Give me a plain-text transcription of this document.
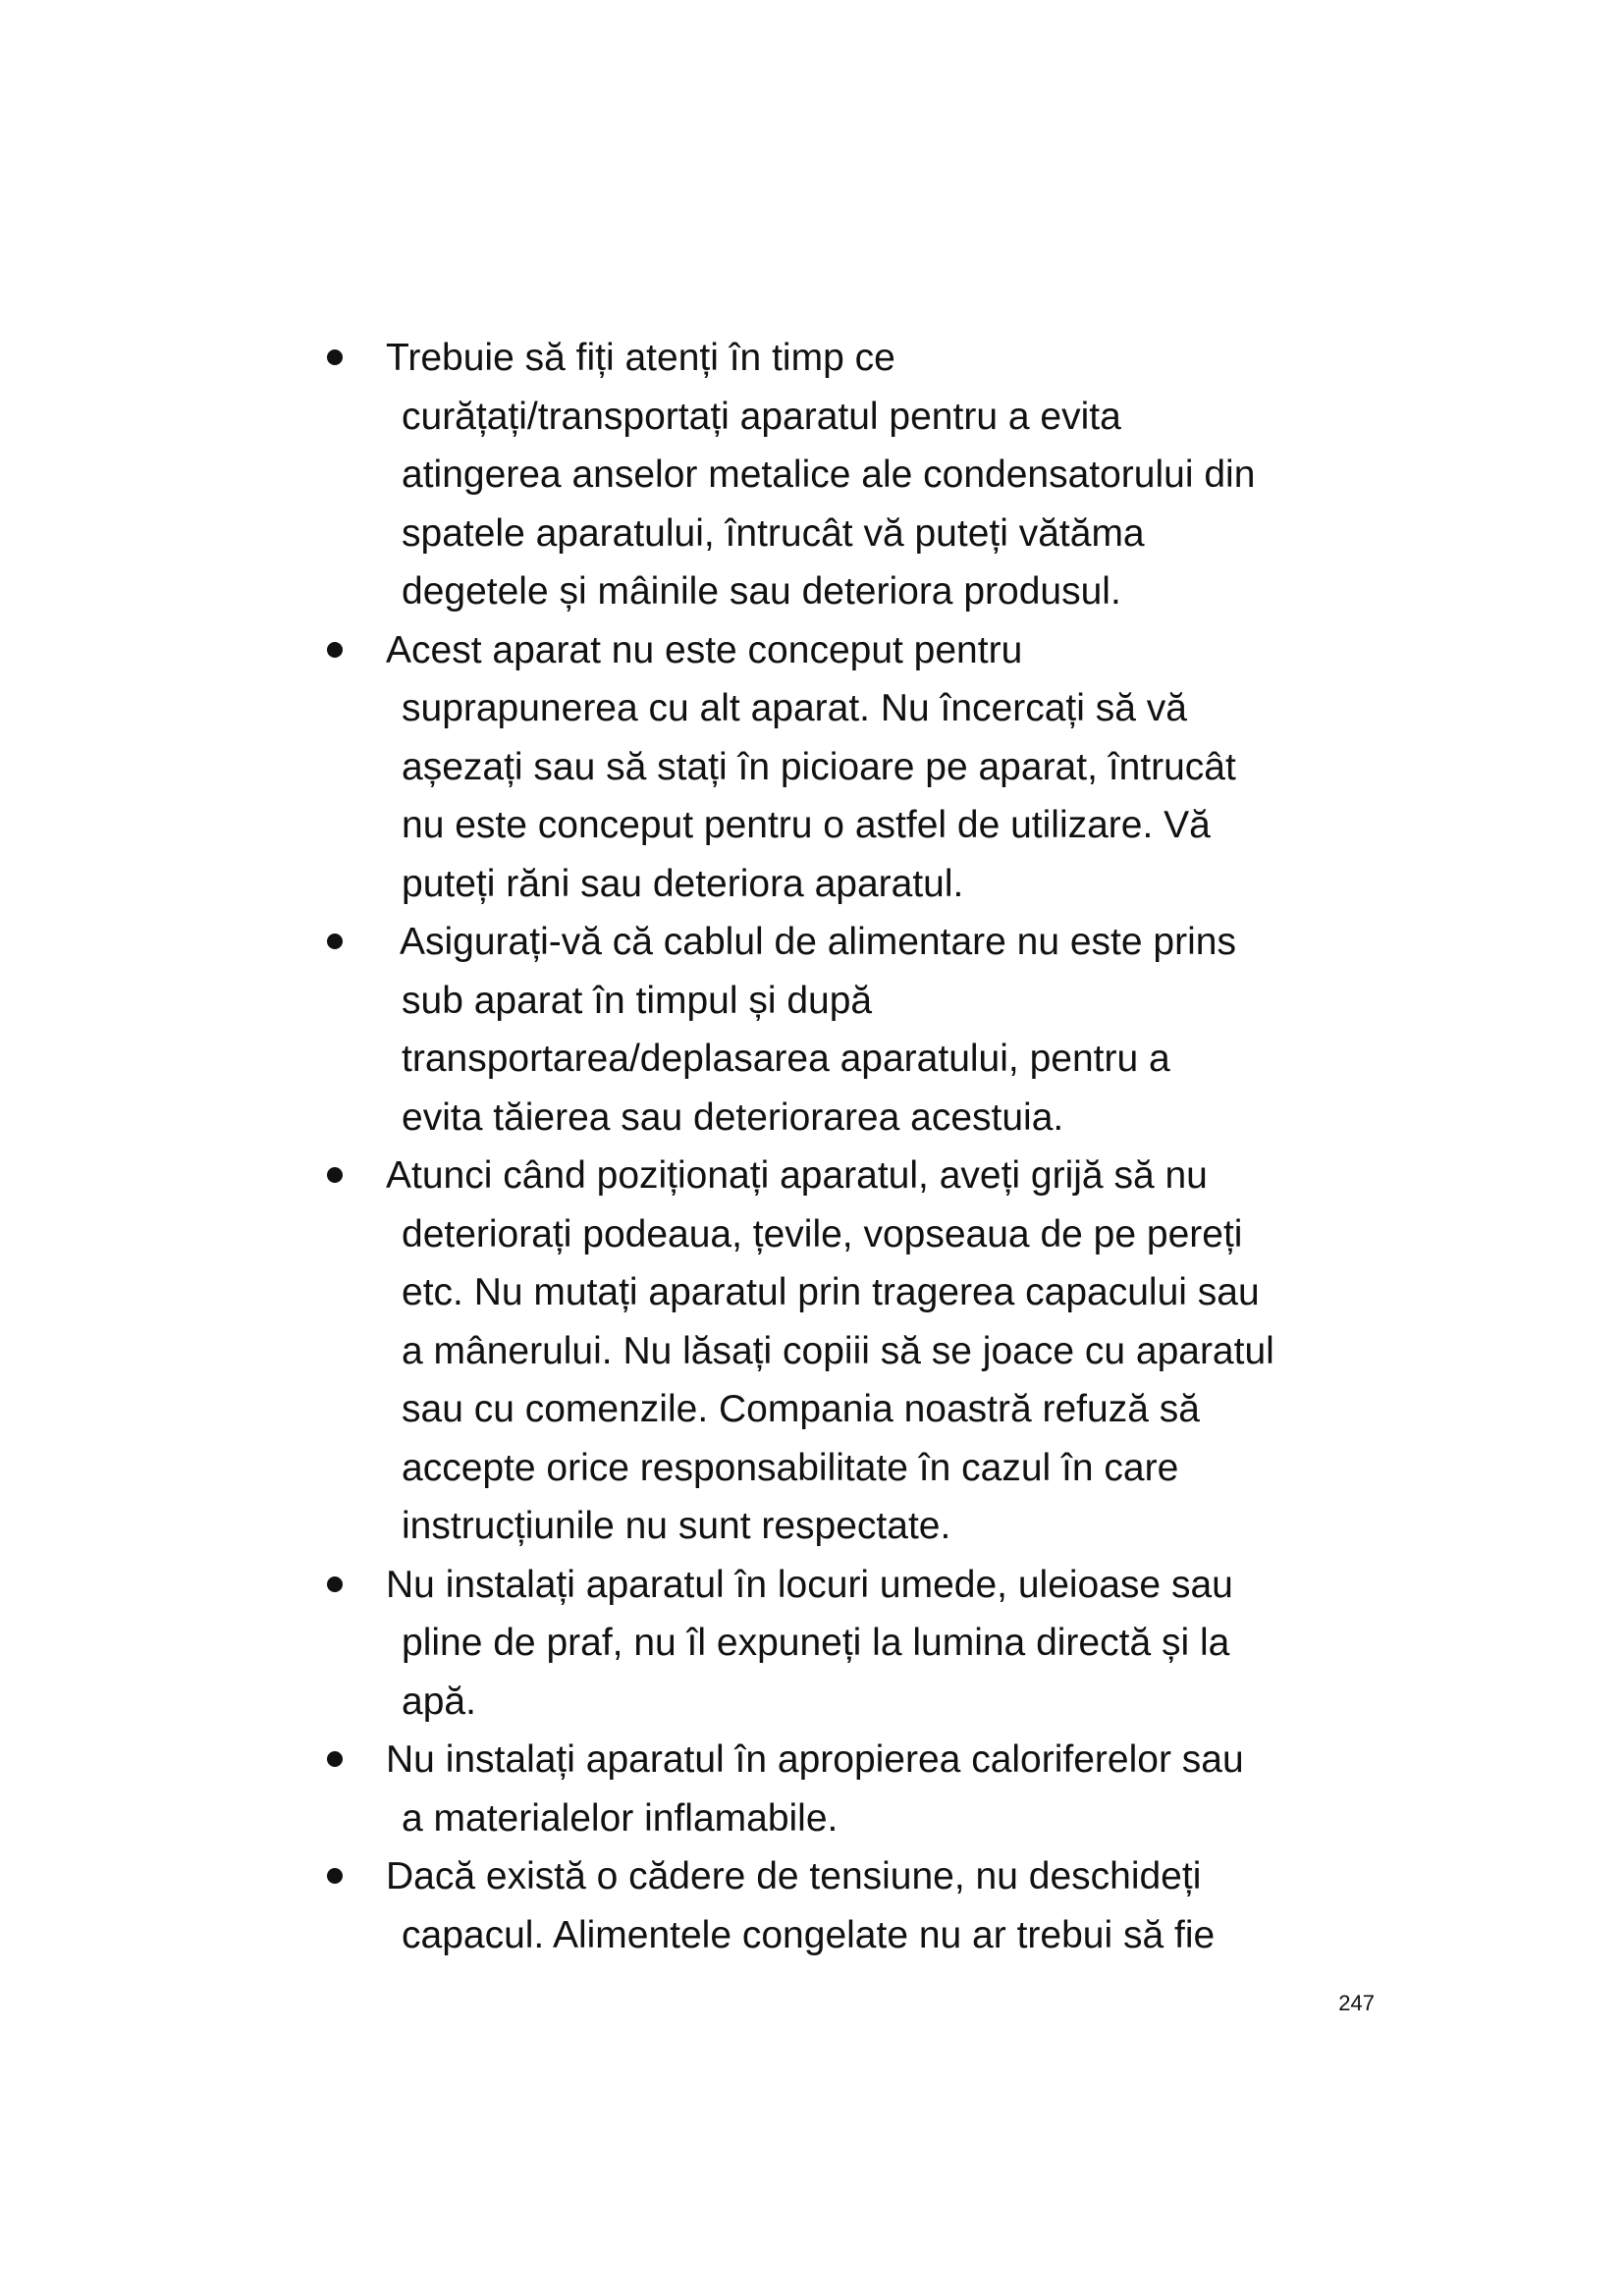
Trebuie să fiți atenți în timp ce
curățați/transportați aparatul pentru a evita
atingerea anselor metalice ale condensatorului din
spatele aparatului, întrucât vă puteți vătăma
degetele și mâinile sau deteriora produsul.
Acest aparat nu este conceput pentru
suprapunerea cu alt aparat. Nu încercați să vă
așezați sau să stați în picioare pe aparat, întrucât
nu este conceput pentru o astfel de utilizare. Vă
puteți răni sau deteriora aparatul.
Asigurați-vă că cablul de alimentare nu este prins
sub aparat în timpul și după
transportarea/deplasarea aparatului, pentru a
evita tăierea sau deteriorarea acestuia.
Atunci când poziționați aparatul, aveți grijă să nu
deteriorați podeaua, țevile, vopseaua de pe pereți
etc. Nu mutați aparatul prin tragerea capacului sau
a mânerului. Nu lăsați copiii să se joace cu aparatul
sau cu comenzile. Compania noastră refuză să
accepte orice responsabilitate în cazul în care
instrucțiunile nu sunt respectate.
Nu instalați aparatul în locuri umede, uleioase sau
pline de praf, nu îl expuneți la lumina directă și la
apă.
Nu instalați aparatul în apropierea caloriferelor sau
a materialelor inflamabile.
Dacă există o cădere de tensiune, nu deschideți
capacul. Alimentele congelate nu ar trebui să fie
247
